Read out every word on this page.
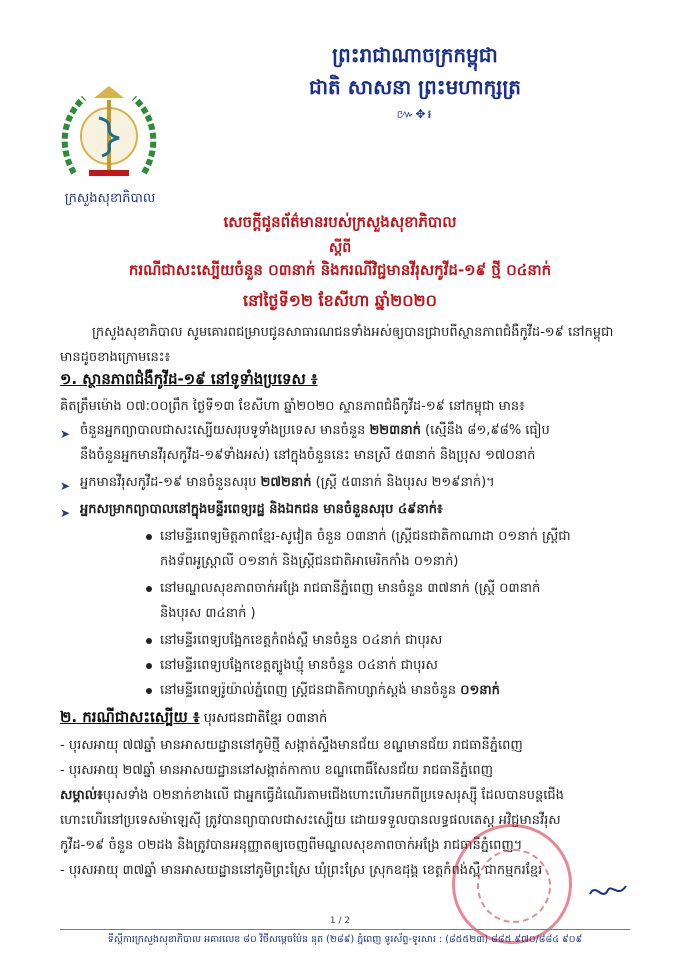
ក្រសួងសុខាភិបាល
ព្រះរាជាណាចក្រកម្ពុជា
ជាតិ សាសនា ព្រះមហាក្សត្រ
៚✥៛
សេចក្តីជូនព័ត៌មានរបស់ក្រសួងសុខាភិបាល
ស្តីពី
ករណីជាសះស្បើយចំនួន ០៣នាក់ និងករណីវិជ្ជមានវីរុសកូវីដ-១៩ ថ្មី ០៤នាក់
នៅថ្ងៃទី១២ ខែសីហា ឆ្នាំ២០២០
ក្រសួងសុខាភិបាល សូមគោរពជម្រាបជូនសាធារណជនទាំងអស់ឲ្យបានជ្រាបពីស្ថានភាពជំងឺកូវីដ-១៩ នៅកម្ពុជា មានដូចខាងក្រោមនេះ៖
១. ស្ថានភាពជំងឺកូវីដ-១៩ នៅទូទាំងប្រទេស ៖
គិតត្រឹមម៉ោង ០៧:០០ព្រឹក ថ្ងៃទី១៣ ខែសីហា ឆ្នាំ២០២០ ស្ថានភាពជំងឺកូវីដ-១៩ នៅកម្ពុជា មាន៖
➤ ចំនួនអ្នកព្យាបាលជាសះស្បើយសរុបទូទាំងប្រទេស មានចំនួន ២២៣នាក់ (ស្មើនឹង ៨១,៩៨% ធៀប
នឹងចំនួនអ្នកមានវីរុសកូវីដ-១៩ទាំងអស់) នៅក្នុងចំនួននេះ មានស្រី ៥៣នាក់ និងប្រុស ១៧០នាក់
➤ អ្នកមានវីរុសកូវីដ-១៩ មានចំនួនសរុប ២៧២នាក់ (ស្ត្រី ៥៣នាក់ និងបុរស ២១៩នាក់)។
➤ អ្នកសម្រាកព្យាបាលនៅក្នុងមន្ទីរពេទ្យរដ្ឋ និងឯកជន មានចំនួនសរុប ៤៩នាក់៖
នៅមន្ទីរពេទ្យមិត្តភាពខ្មែរ-សូវៀត ចំនួន ០៣នាក់ (ស្ត្រីជនជាតិកាណាដា ០១នាក់ ស្ត្រីជា
កងទ័ពអូស្ត្រាលី ០១នាក់ និងស្ត្រីជនជាតិអាមេរិកកាំង ០១នាក់)
នៅមណ្ឌលសុខភាពចាក់អង្រែ រាជធានីភ្នំពេញ មានចំនួន ៣៧នាក់ (ស្ត្រី ០៣នាក់
និងបុរស ៣៤នាក់ )
នៅមន្ទីរពេទ្យបង្អែកខេត្តកំពង់ស្ពឺ មានចំនួន ០៤នាក់ ជាបុរស
នៅមន្ទីរពេទ្យបង្អែកខេត្តត្បូងឃ្មុំ មានចំនួន ០៤នាក់ ជាបុរស
នៅមន្ទីរពេទ្យរ៉ូយ៉ាល់ភ្នំពេញ ស្ត្រីជនជាតិកាហ្សាក់ស្តង់ មានចំនួន ០១នាក់
២. ករណីជាសះស្បើយ ៖ បុរសជនជាតិខ្មែរ ០៣នាក់
- បុរសអាយុ ៧៧ឆ្នាំ មានអាសយដ្ឋាននៅភូមិថ្មី សង្កាត់ស្ទឹងមានជ័យ ខណ្ឌមានជ័យ រាជធានីភ្នំពេញ
- បុរសអាយុ ២៧ឆ្នាំ មានអាសយដ្ឋាននៅសង្កាត់កាកាប ខណ្ឌពោធិ៍សែនជ័យ រាជធានីភ្នំពេញ
សម្គាល់៖បុរសទាំង ០២នាក់ខាងលើ ជាអ្នកធ្វើដំណើរតាមជើងហោះហើរមកពីប្រទេសរុស្ស៊ី ដែលបានបន្តជើង
ហោះហើរនៅប្រទេសម៉ាឡេស៊ី ត្រូវបានព្យាបាលជាសះស្បើយ ដោយទទួលបានលទ្ធផលតេស្ត អវិជ្ជមានវីរុស
កូវីដ-១៩ ចំនួន ០២ដង និងត្រូវបានអនុញ្ញាតឲ្យចេញពីមណ្ឌលសុខភាពចាក់អង្រែ រាជធានីភ្នំពេញ។
- បុរសអាយុ ៣៧ឆ្នាំ មានអាសយដ្ឋាននៅភូមិព្រះស្រែ ឃុំព្រះស្រែ ស្រុកឧដុង្គ ខេត្តកំពង់ស្ពឺ ជាកម្មករខ្មែរ
1 / 2
ទីស្តីការក្រសួងសុខាភិបាល អគារលេខ ៨០ វិថីសម្តេចប៉ែន នុត (២៨៩) ភ្នំពេញ ទូរស័ព្ទ-ទូរសារ : (៨៥៥២៣) ៨៨៥ ៩៧០/៨៨៤ ៩០៩
